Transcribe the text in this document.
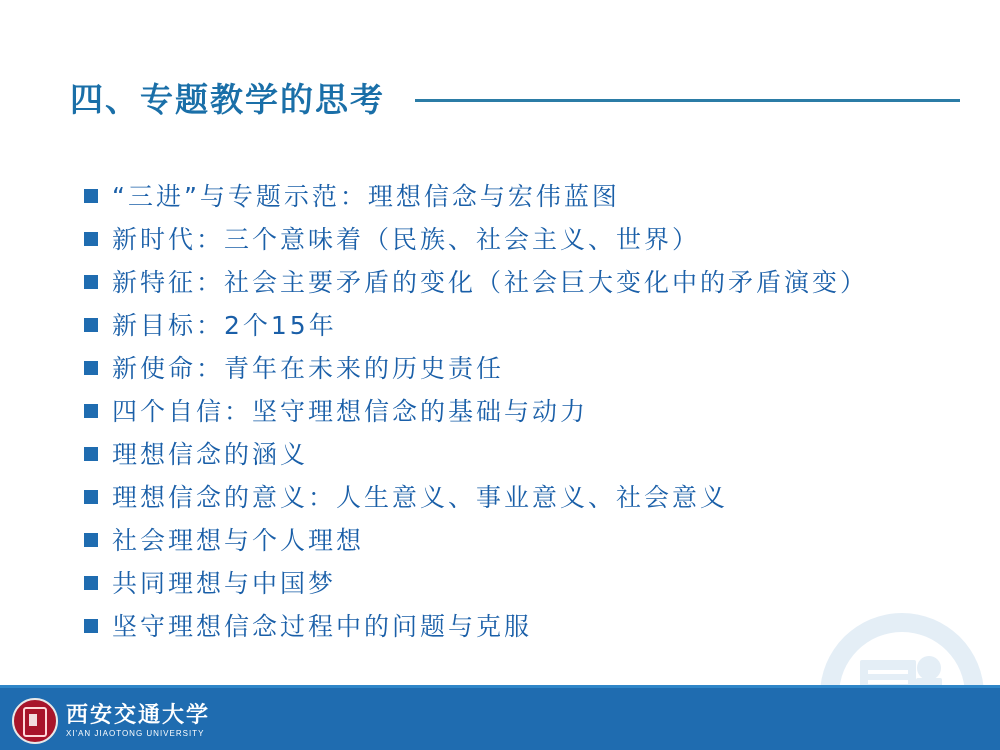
四、专题教学的思考
“三进”与专题示范：理想信念与宏伟蓝图
新时代：三个意味着（民族、社会主义、世界）
新特征：社会主要矛盾的变化（社会巨大变化中的矛盾演变）
新目标：2个15年
新使命：青年在未来的历史责任
四个自信：坚守理想信念的基础与动力
理想信念的涵义
理想信念的意义：人生意义、事业意义、社会意义
社会理想与个人理想
共同理想与中国梦
坚守理想信念过程中的问题与克服
西安交通大学
XI'AN JIAOTONG UNIVERSITY
